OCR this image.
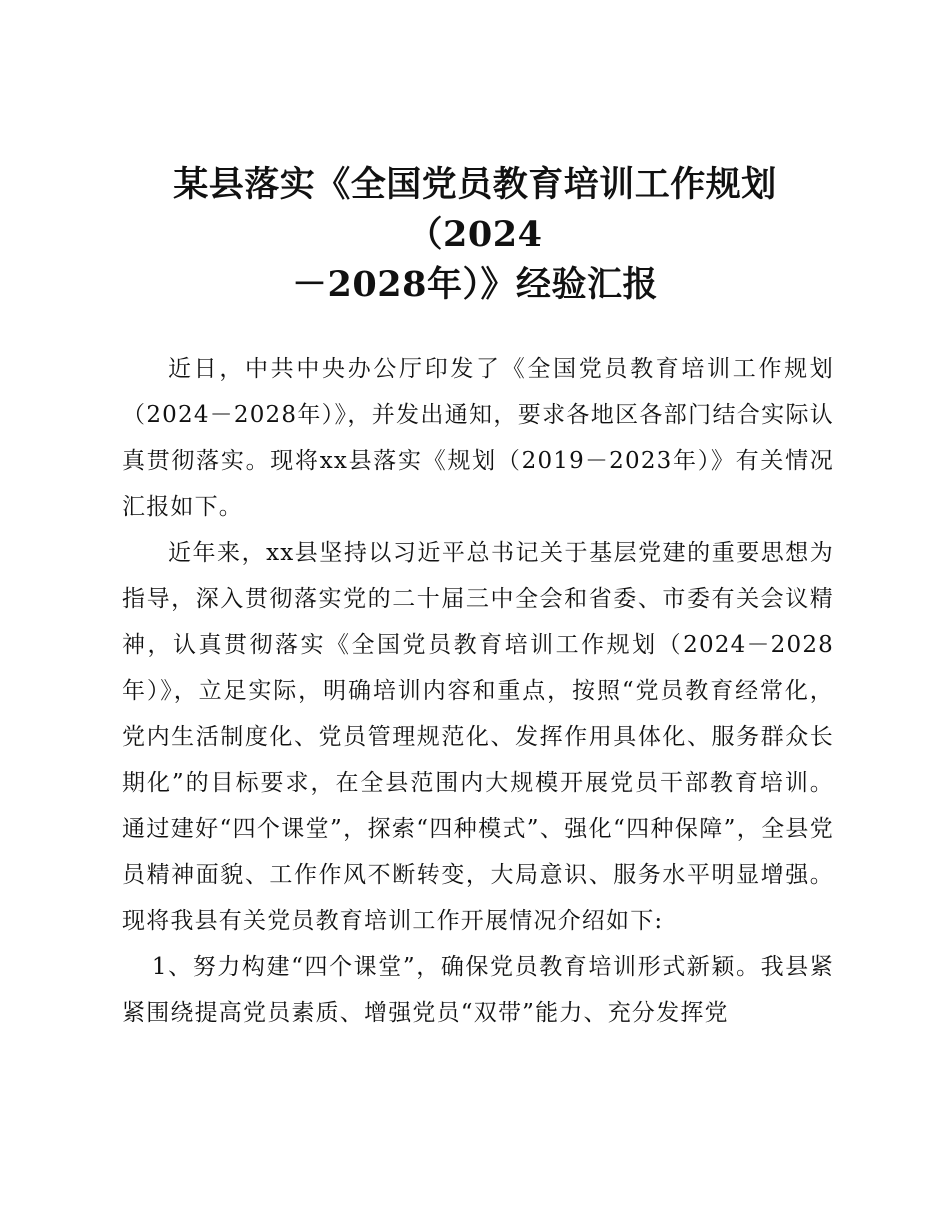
某县落实《全国党员教育培训工作规划（2024
－2028年）》经验汇报

近日，中共中央办公厅印发了《全国党员教育培训工作规划（2024－2028年）》，并发出通知，要求各地区各部门结合实际认真贯彻落实。现将xx县落实《规划（2019－2023年）》有关情况汇报如下。

近年来，xx县坚持以习近平总书记关于基层党建的重要思想为指导，深入贯彻落实党的二十届三中全会和省委、市委有关会议精神，认真贯彻落实《全国党员教育培训工作规划（2024－2028年）》，立足实际，明确培训内容和重点，按照“党员教育经常化，党内生活制度化、党员管理规范化、发挥作用具体化、服务群众长期化”的目标要求，在全县范围内大规模开展党员干部教育培训。通过建好“四个课堂”，探索“四种模式”、强化“四种保障”，全县党员精神面貌、工作作风不断转变，大局意识、服务水平明显增强。现将我县有关党员教育培训工作开展情况介绍如下:

1、努力构建“四个课堂”，确保党员教育培训形式新颖。我县紧紧围绕提高党员素质、增强党员“双带”能力、充分发挥党
